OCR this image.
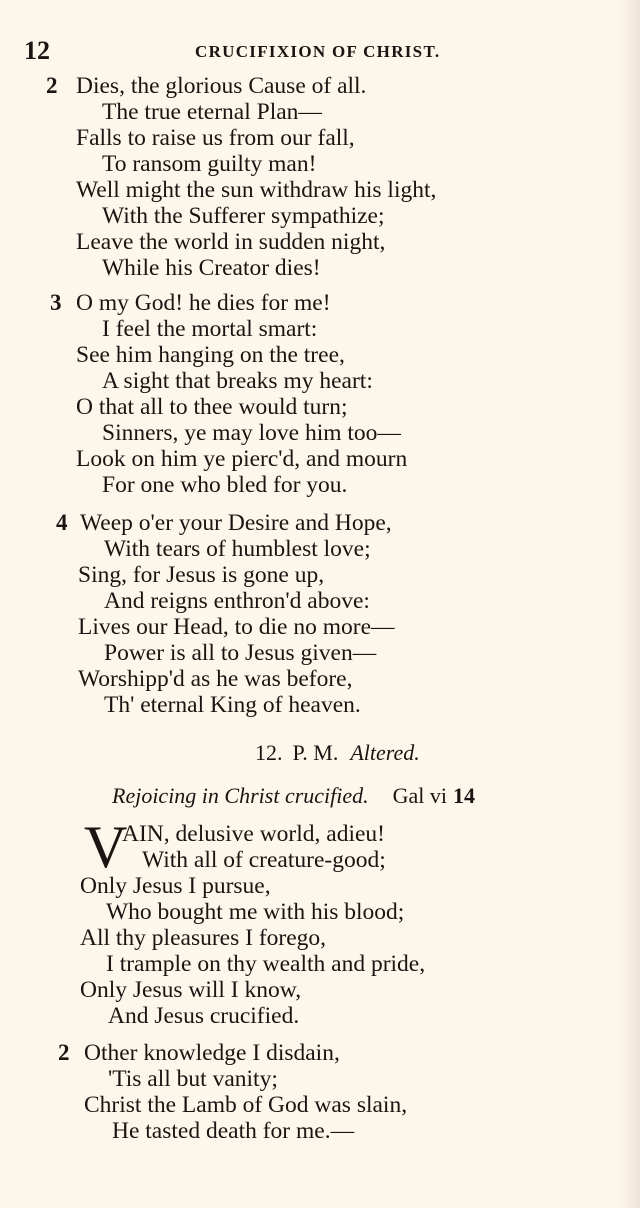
12	CRUCIFIXION OF CHRIST.
2 Dies, the glorious Cause of all.
The true eternal Plan—
Falls to raise us from our fall,
To ransom guilty man!
Well might the sun withdraw his light,
With the Sufferer sympathize;
Leave the world in sudden night,
While his Creator dies!
3 O my God! he dies for me!
I feel the mortal smart:
See him hanging on the tree,
A sight that breaks my heart:
O that all to thee would turn;
Sinners, ye may love him too—
Look on him ye pierc'd, and mourn
For one who bled for you.
4 Weep o'er your Desire and Hope,
With tears of humblest love;
Sing, for Jesus is gone up,
And reigns enthron'd above:
Lives our Head, to die no more—
Power is all to Jesus given—
Worshipp'd as he was before,
Th' eternal King of heaven.
12. P. M. Altered.
Rejoicing in Christ crucified. Gal vi 14
V
AIN, delusive world, adieu!
With all of creature-good;
Only Jesus I pursue,
Who bought me with his blood;
All thy pleasures I forego,
I trample on thy wealth and pride,
Only Jesus will I know,
And Jesus crucified.
2 Other knowledge I disdain,
'Tis all but vanity;
Christ the Lamb of God was slain,
He tasted death for me.—
